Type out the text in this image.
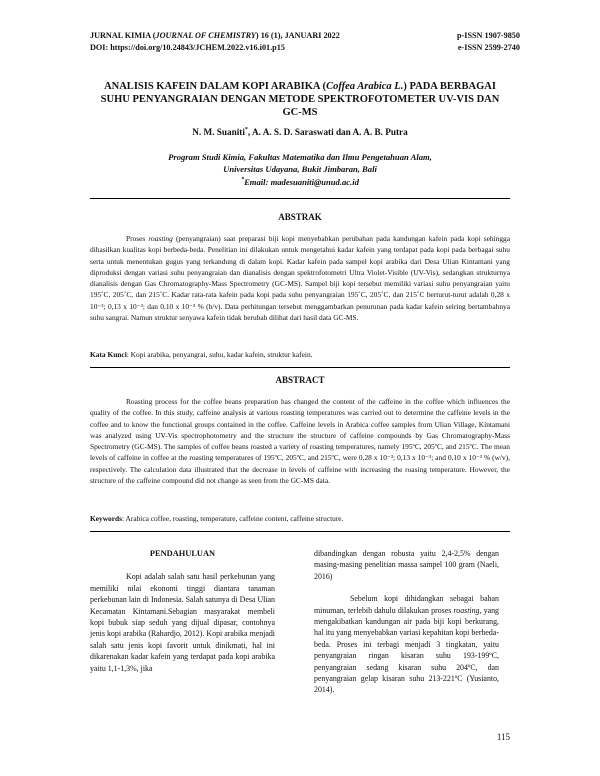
JURNAL KIMIA (JOURNAL OF CHEMISTRY) 16 (1), JANUARI 2022	p-ISSN 1907-9850
DOI: https://doi.org/10.24843/JCHEM.2022.v16.i01.p15	e-ISSN 2599-2740
ANALISIS KAFEIN DALAM KOPI ARABIKA (Coffea Arabica L.) PADA BERBAGAI SUHU PENYANGRAIAN DENGAN METODE SPEKTROFOTOMETER UV-VIS DAN GC-MS
N. M. Suaniti*, A. A. S. D. Saraswati dan A. A. B. Putra
Program Studi Kimia, Fakultas Matematika dan Ilmu Pengetahuan Alam,
Universitas Udayana, Bukit Jimbaran, Bali
*Email: madesuaniti@unud.ac.id
ABSTRAK

Proses roasting (penyangraian) saat preparasi biji kopi menyebabkan perubahan pada kandungan kafein pada kopi sehingga dihasilkan kualitas kopi berbeda-beda. Penelitian ini dilakukan untuk mengetahui kadar kafein yang terdapat pada kopi pada berbagai suhu serta untuk menentukan gugus yang terkandung di dalam kopi. Kadar kafein pada sampel kopi arabika dari Desa Ulian Kintamani yang diproduksi dengan variasi suhu penyangraian dan dianalisis dengan spektrofotometri Ultra Violet-Visible (UV-Vis), sedangkan strukturnya dianalisis dengan Gas Chromatography-Mass Spectrometry (GC-MS). Sampel biji kopi tersebut memiliki variasi suhu penyangraian yaitu 195˚C, 205˚C, dan 215˚C. Kadar rata-rata kafein pada kopi pada suhu penyangraian 195˚C, 205˚C, dan 215˚C berturut-turut adalah 0,28 x 10⁻³; 0,13 x 10⁻³; dan 0,10 x 10⁻³ % (b/v). Data perhitungan tersebut menggambarkan penurunan pada kadar kafein seiring bertambahnya suhu sangrai. Namun struktur senyawa kafein tidak berubah dilihat dari hasil data GC-MS.

Kata Kunci: Kopi arabika, penyangrai, suhu, kadar kafein, struktur kafein.
ABSTRACT

Roasting process for the coffee beans preparation has changed the content of the caffeine in the coffee which influences the quality of the coffee. In this study, caffeine analysis at various roasting temperatures was carried out to determine the caffeine levels in the coffee and to know the functional groups contained in the coffee. Caffeine levels in Arabica coffee samples from Ulian Village, Kintamani was analyzed using UV-Vis spectrophotometry and the structure the structure of caffeine compounds by Gas Chromatography-Mass Spectrometry (GC-MS). The samples of coffee beans roasted a variety of roasting temperatures, namely 195ºC, 205ºC, and 215ºC. The mean levels of caffeine in coffee at the roasting temperatures of 195ºC, 205ºC, and 215ºC, were 0,28 x 10⁻³; 0,13 x 10⁻³; and 0,10 x 10⁻³ % (w/v), respectively. The calculation data illustrated that the decrease in levels of caffeine with increasing the roasing temperature. However, the structure of the caffeine compound did not change as seen from the GC-MS data.

Keywords: Arabica coffee, roasting, temperature, caffeine content, caffeine structure.
PENDAHULUAN

Kopi adalah salah satu hasil perkebunan yang memiliki nilai ekonomi tinggi diantara tanaman perkebunan lain di Indonesia. Salah satunya di Desa Ulian Kecamatan Kintamani.Sebagian masyarakat membeli kopi bubuk siap seduh yang dijual dipasar, contohnya jenis kopi arabika (Rahardjo, 2012). Kopi arabika menjadi salah satu jenis kopi favorit untuk dinikmati, hal ini dikarenakan kadar kafein yang terdapat pada kopi arabika yaitu 1,1-1,3%, jika

dibandingkan dengan robusta yaitu 2,4-2,5% dengan masing-masing penelitian massa sampel 100 gram (Naeli, 2016)

Sebelum kopi dihidangkan sebagai bahan minuman, terlebih dahulu dilakukan proses roasting, yang mengakibatkan kandungan air pada biji kopi berkurang, hal itu yang menyebabkan variasi kepahitan kopi berbeda-beda. Proses ini terbagi menjadi 3 tingkatan, yaitu penyangraian ringan kisaran suhu 193-199ºC, penyangraian sedang kisaran suhu 204ºC, dan penyangraian gelap kisaran suhu 213-221ºC (Yusianto, 2014).

115
